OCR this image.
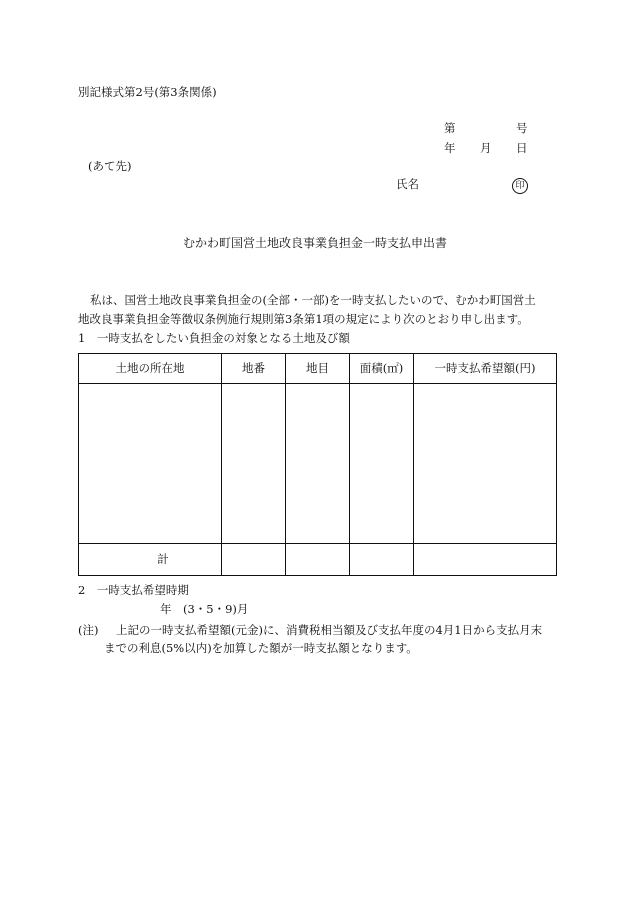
別記様式第2号(第3条関係)
第	号
年 月 日
(あて先)
氏名	印
むかわ町国営土地改良事業負担金一時支払申出書
私は、国営土地改良事業負担金の(全部・一部)を一時支払したいので、むかわ町国営土
地改良事業負担金等徴収条例施行規則第3条第1項の規定により次のとおり申し出ます。
1　一時支払をしたい負担金の対象となる土地及び額
土地の所在地	地番	地目	面積(㎡)	一時支払希望額(円)

計				
2　一時支払希望時期
年　(3・5・9)月
(注) 上記の一時支払希望額(元金)に、消費税相当額及び支払年度の4月1日から支払月末
までの利息(5%以内)を加算した額が一時支払額となります。
